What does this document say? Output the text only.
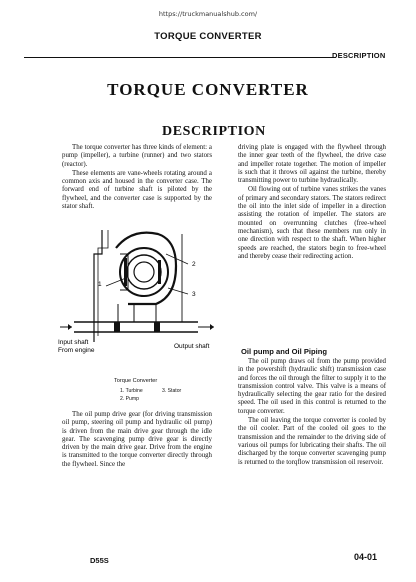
https://truckmanualshub.com/
TORQUE CONVERTER
DESCRIPTION
TORQUE CONVERTER
DESCRIPTION

The torque converter has three kinds of element: a pump (impeller), a turbine (runner) and two stators (reactor).

These elements are vane-wheels rotating around a common axis and housed in the converter case. The forward end of turbine shaft is piloted by the flywheel, and the converter case is supported by the stator shaft.

1
2
3
Input shaft
From engine
Output shaft
Torque Converter
1. Turbine
2. Pump
3. Stator

The oil pump drive gear (for driving transmission oil pump, steering oil pump and hydraulic oil pump) is driven from the main drive gear through the idle gear. The scavenging pump drive gear is directly driven by the main drive gear. Drive from the engine is transmitted to the torque converter directly through the flywheel. Since the

driving plate is engaged with the flywheel through the inner gear teeth of the flywheel, the drive case and impeller rotate together. The motion of impeller is such that it throws oil against the turbine, thereby transmitting power to turbine hydraulically.

Oil flowing out of turbine vanes strikes the vanes of primary and secondary stators. The stators redirect the oil into the inlet side of impeller in a direction assisting the rotation of impeller. The stators are mounted on overrunning clutches (free-wheel mechanism), such that these members run only in one direction with respect to the shaft. When higher speeds are reached, the stators begin to free-wheel and thereby cease their redirecting action.

Oil pump and Oil Piping

The oil pump draws oil from the pump provided in the powershift (hydraulic shift) transmission case and forces the oil through the filter to supply it to the transmission control valve. This valve is a means of hydraulically selecting the gear ratio for the desired speed. The oil used in this control is returned to the torque converter.

The oil leaving the torque converter is cooled by the oil cooler. Part of the cooled oil goes to the transmission and the remainder to the driving side of various oil pumps for lubricating their shafts. The oil discharged by the torque converter scavenging pump is returned to the torqflow transmission oil reservoir.

D55S	04-01
